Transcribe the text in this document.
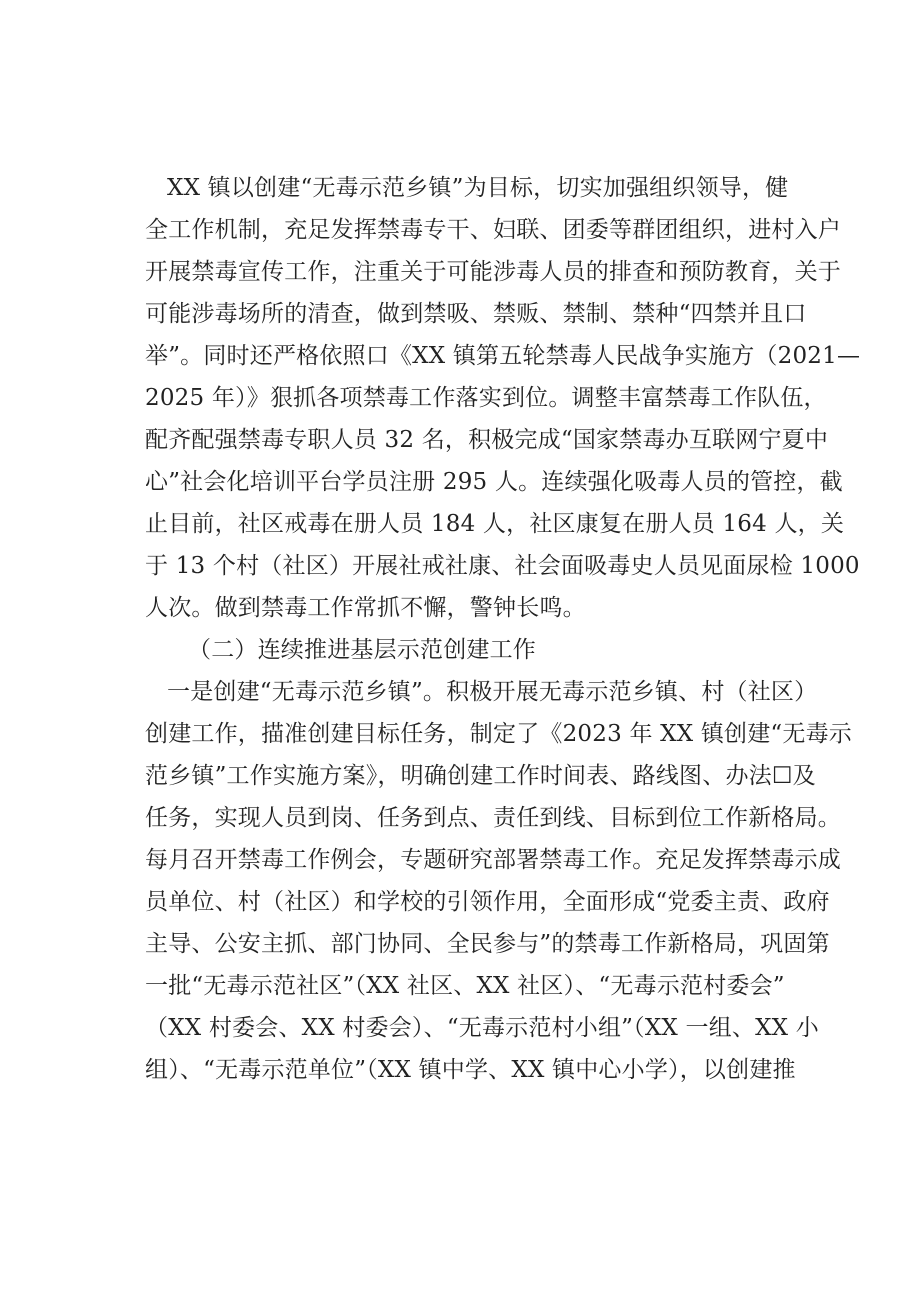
XX 镇以创建“无毒示范乡镇”为目标，切实加强组织领导，健
全工作机制，充足发挥禁毒专干、妇联、团委等群团组织，进村入户
开展禁毒宣传工作，注重关于可能涉毒人员的排查和预防教育，关于
可能涉毒场所的清查，做到禁吸、禁贩、禁制、禁种“四禁并且口
举”。同时还严格依照口《XX 镇第五轮禁毒人民战争实施方（2021—
2025 年）》狠抓各项禁毒工作落实到位。调整丰富禁毒工作队伍，
配齐配强禁毒专职人员 32 名，积极完成“国家禁毒办互联网宁夏中
心”社会化培训平台学员注册 295 人。连续强化吸毒人员的管控，截
止目前，社区戒毒在册人员 184 人，社区康复在册人员 164 人，关
于 13 个村（社区）开展社戒社康、社会面吸毒史人员见面尿检 1000
人次。做到禁毒工作常抓不懈，警钟长鸣。
（二）连续推进基层示范创建工作
一是创建“无毒示范乡镇”。积极开展无毒示范乡镇、村（社区）
创建工作，描准创建目标任务，制定了《2023 年 XX 镇创建“无毒示
范乡镇”工作实施方案》，明确创建工作时间表、路线图、办法☐及
任务，实现人员到岗、任务到点、责任到线、目标到位工作新格局。
每月召开禁毒工作例会，专题研究部署禁毒工作。充足发挥禁毒示成
员单位、村（社区）和学校的引领作用，全面形成“党委主责、政府
主导、公安主抓、部门协同、全民参与”的禁毒工作新格局，巩固第
一批“无毒示范社区”（XX 社区、XX 社区）、“无毒示范村委会”
（XX 村委会、XX 村委会）、“无毒示范村小组”（XX 一组、XX 小
组）、“无毒示范单位”（XX 镇中学、XX 镇中心小学），以创建推
